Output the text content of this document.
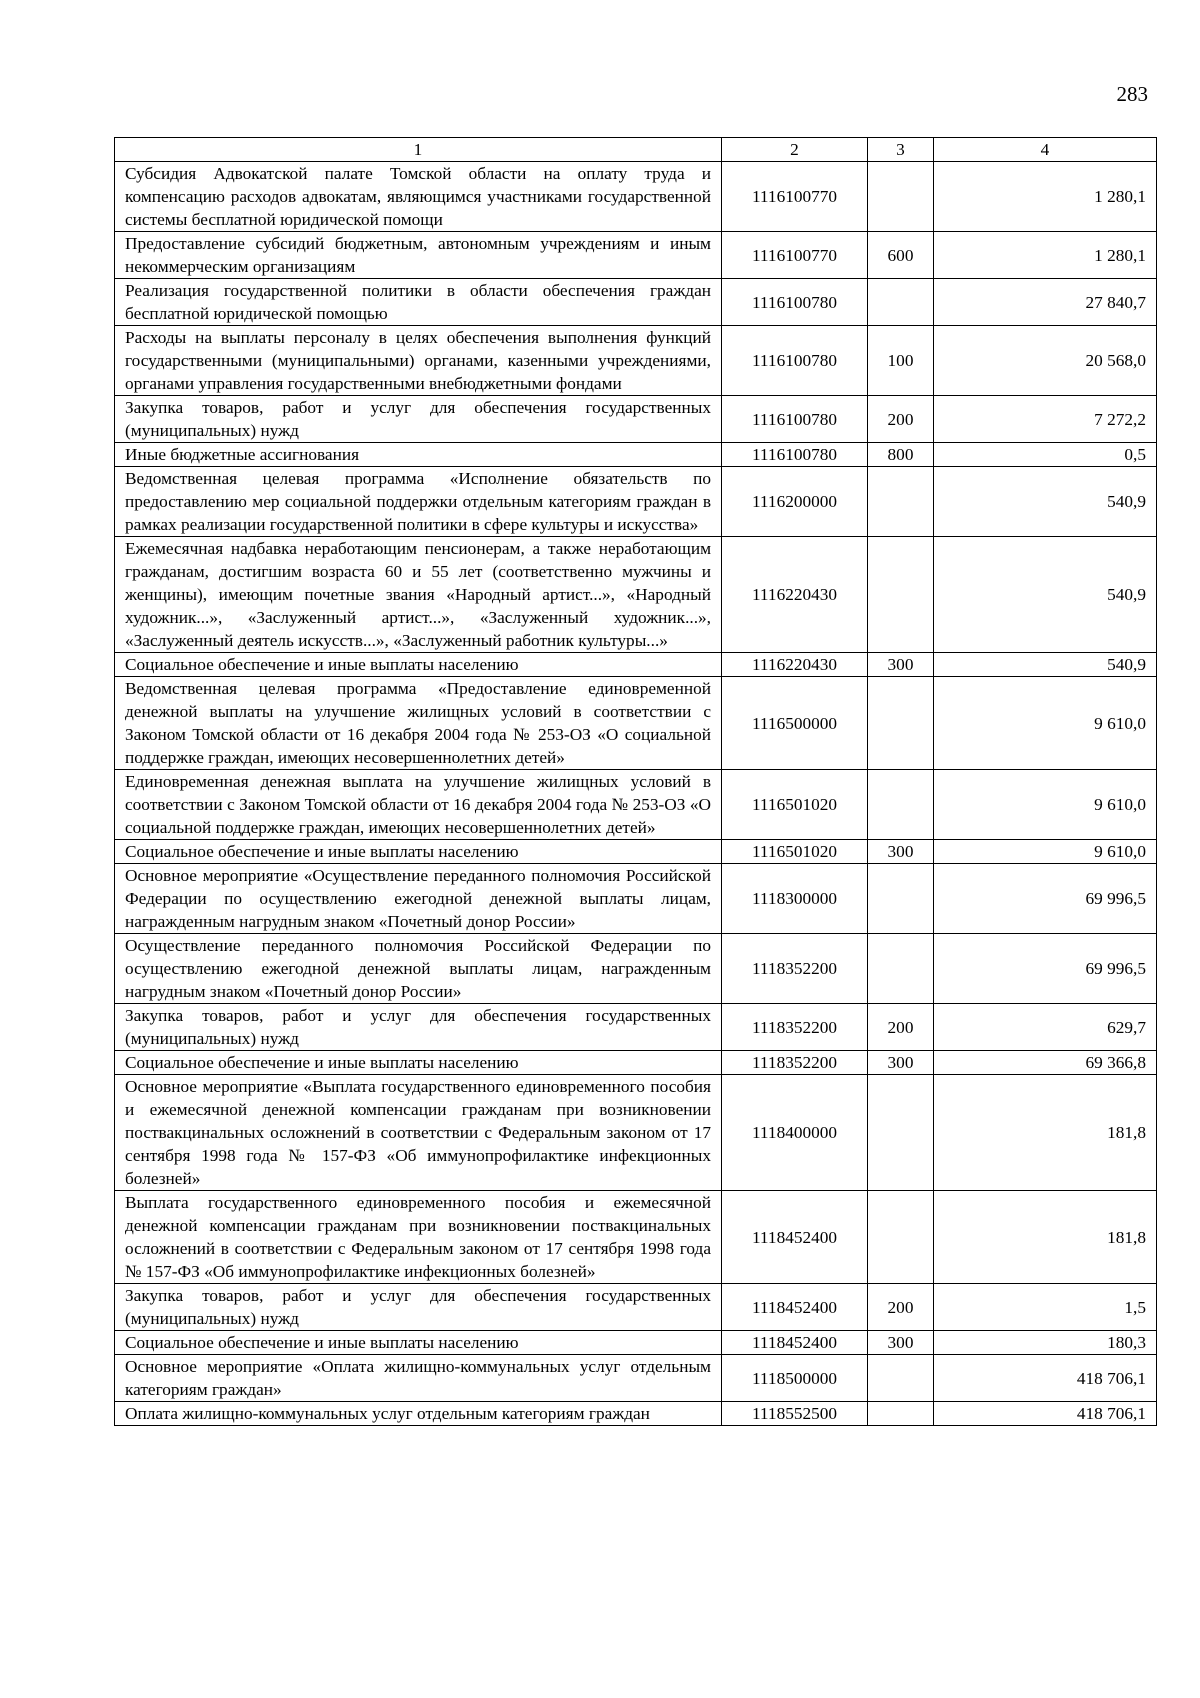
283
1	2	3	4
Субсидия Адвокатской палате Томской области на оплату труда и компенсацию расходов адвокатам, являющимся участниками государственной системы бесплатной юридической помощи	1116100770		1 280,1
Предоставление субсидий бюджетным, автономным учреждениям и иным некоммерческим организациям	1116100770	600	1 280,1
Реализация государственной политики в области обеспечения граждан бесплатной юридической помощью	1116100780		27 840,7
Расходы на выплаты персоналу в целях обеспечения выполнения функций государственными (муниципальными) органами, казенными учреждениями, органами управления государственными внебюджетными фондами	1116100780	100	20 568,0
Закупка товаров, работ и услуг для обеспечения государственных (муниципальных) нужд	1116100780	200	7 272,2
Иные бюджетные ассигнования	1116100780	800	0,5
Ведомственная целевая программа «Исполнение обязательств по предоставлению мер социальной поддержки отдельным категориям граждан в рамках реализации государственной политики в сфере культуры и искусства»	1116200000		540,9
Ежемесячная надбавка неработающим пенсионерам, а также неработающим гражданам, достигшим возраста 60 и 55 лет (соответственно мужчины и женщины), имеющим почетные звания «Народный артист...», «Народный художник...», «Заслуженный артист...», «Заслуженный художник...», «Заслуженный деятель искусств...», «Заслуженный работник культуры...»	1116220430		540,9
Социальное обеспечение и иные выплаты населению	1116220430	300	540,9
Ведомственная целевая программа «Предоставление единовременной денежной выплаты на улучшение жилищных условий в соответствии с Законом Томской области от 16 декабря 2004 года № 253-ОЗ «О социальной поддержке граждан, имеющих несовершеннолетних детей»	1116500000		9 610,0
Единовременная денежная выплата на улучшение жилищных условий в соответствии с Законом Томской области от 16 декабря 2004 года № 253-ОЗ «О социальной поддержке граждан, имеющих несовершеннолетних детей»	1116501020		9 610,0
Социальное обеспечение и иные выплаты населению	1116501020	300	9 610,0
Основное мероприятие «Осуществление переданного полномочия Российской Федерации по осуществлению ежегодной денежной выплаты лицам, награжденным нагрудным знаком «Почетный донор России»	1118300000		69 996,5
Осуществление переданного полномочия Российской Федерации по осуществлению ежегодной денежной выплаты лицам, награжденным нагрудным знаком «Почетный донор России»	1118352200		69 996,5
Закупка товаров, работ и услуг для обеспечения государственных (муниципальных) нужд	1118352200	200	629,7
Социальное обеспечение и иные выплаты населению	1118352200	300	69 366,8
Основное мероприятие «Выплата государственного единовременного пособия и ежемесячной денежной компенсации гражданам при возникновении поствакцинальных осложнений в соответствии с Федеральным законом от 17 сентября 1998 года № 157-ФЗ «Об иммунопрофилактике инфекционных болезней»	1118400000		181,8
Выплата государственного единовременного пособия и ежемесячной денежной компенсации гражданам при возникновении поствакцинальных осложнений в соответствии с Федеральным законом от 17 сентября 1998 года № 157-ФЗ «Об иммунопрофилактике инфекционных болезней»	1118452400		181,8
Закупка товаров, работ и услуг для обеспечения государственных (муниципальных) нужд	1118452400	200	1,5
Социальное обеспечение и иные выплаты населению	1118452400	300	180,3
Основное мероприятие «Оплата жилищно-коммунальных услуг отдельным категориям граждан»	1118500000		418 706,1
Оплата жилищно-коммунальных услуг отдельным категориям граждан	1118552500		418 706,1
